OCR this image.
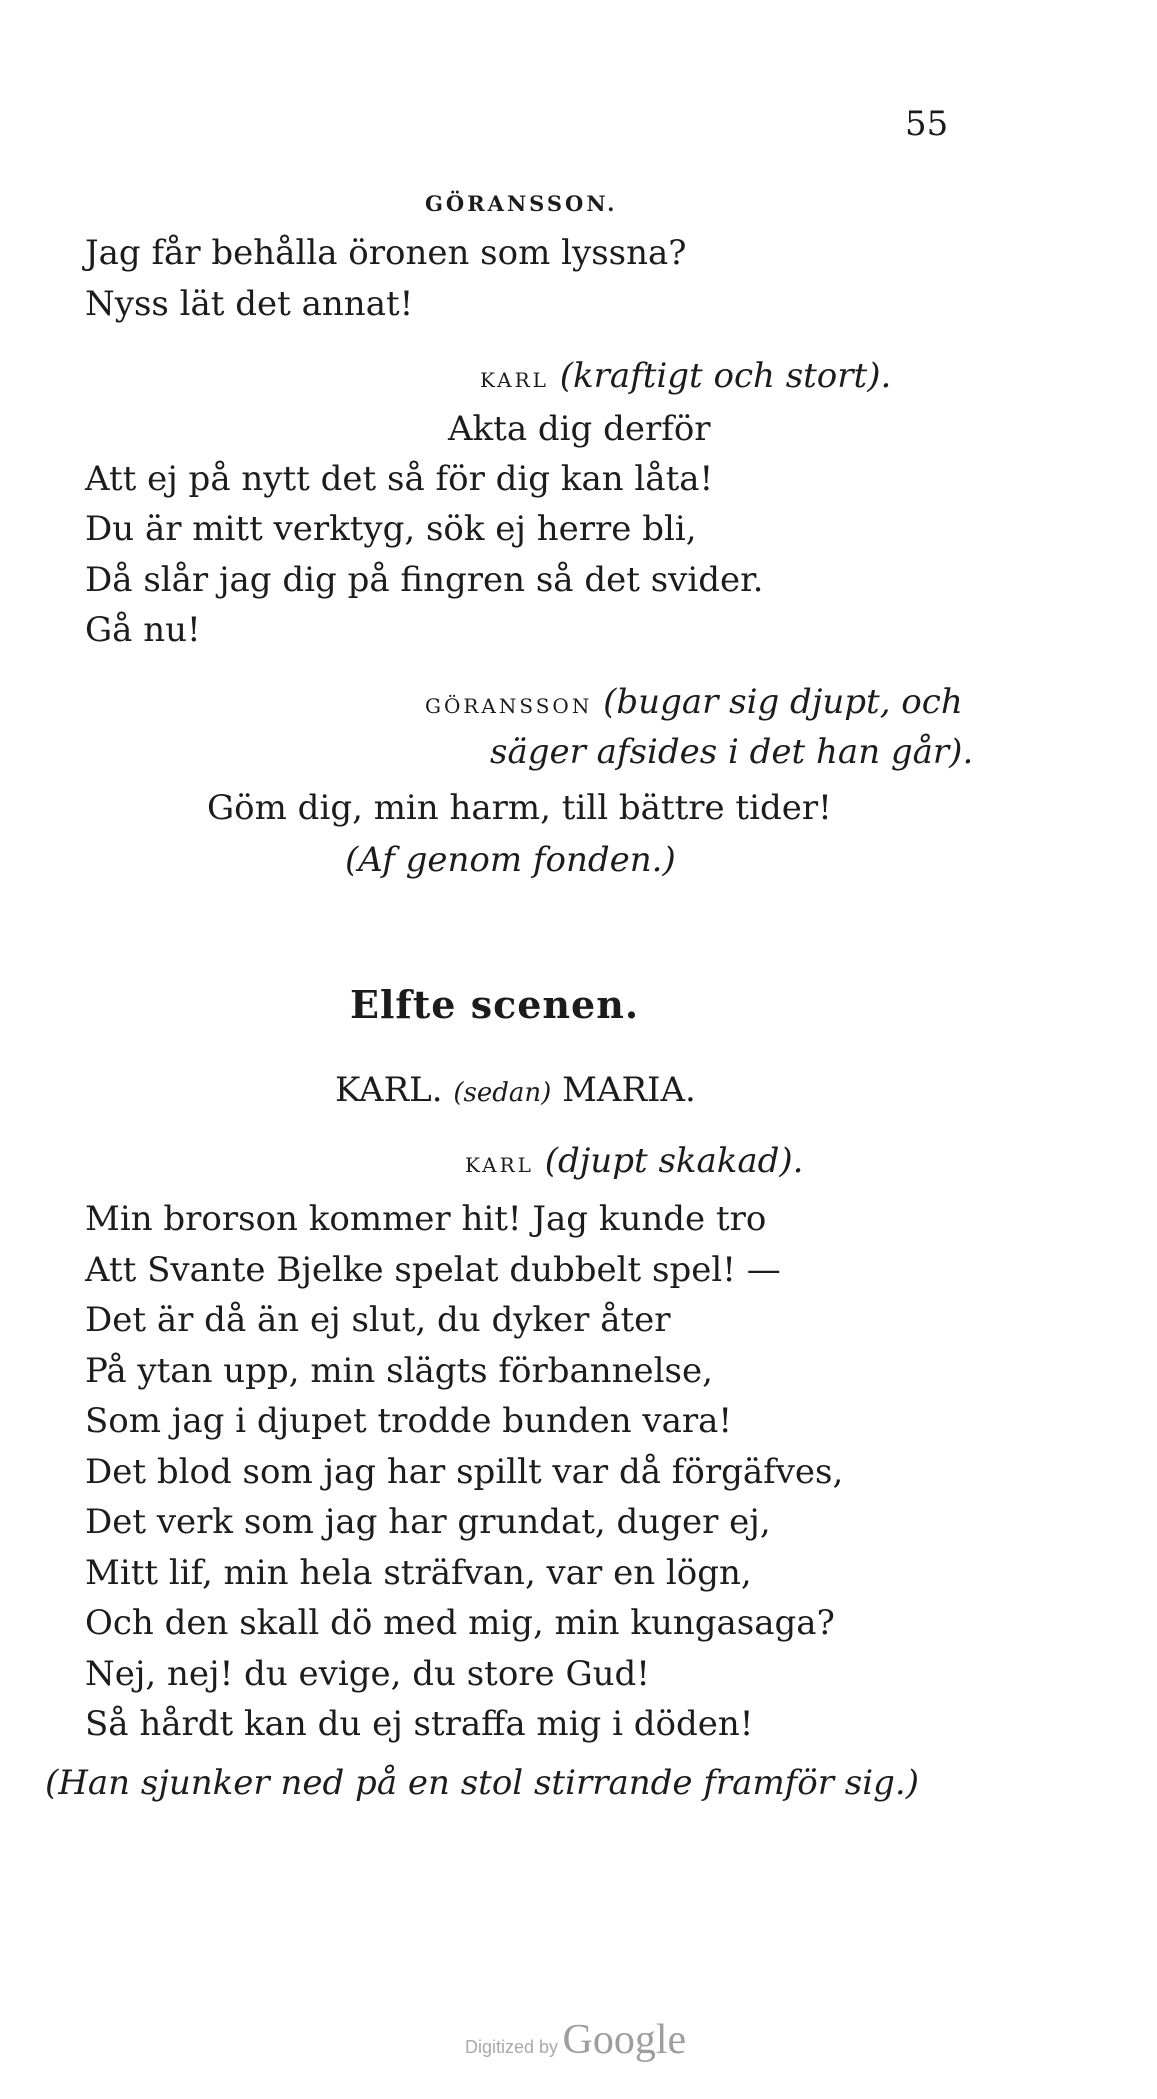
55
GÖRANSSON.
Jag får behålla öronen som lyssna?
Nyss lät det annat!
KARL (kraftigt och stort).
Akta dig derför
Att ej på nytt det så för dig kan låta!
Du är mitt verktyg, sök ej herre bli,
Då slår jag dig på fingren så det svider.
Gå nu!
GÖRANSSON (bugar sig djupt, och
säger afsides i det han går).
Göm dig, min harm, till bättre tider!
(Af genom fonden.)
Elfte scenen.
KARL. (sedan) MARIA.
KARL (djupt skakad).
Min brorson kommer hit! Jag kunde tro
Att Svante Bjelke spelat dubbelt spel! —
Det är då än ej slut, du dyker åter
På ytan upp, min slägts förbannelse,
Som jag i djupet trodde bunden vara!
Det blod som jag har spillt var då förgäfves,
Det verk som jag har grundat, duger ej,
Mitt lif, min hela sträfvan, var en lögn,
Och den skall dö med mig, min kungasaga?
Nej, nej! du evige, du store Gud!
Så hårdt kan du ej straffa mig i döden!
(Han sjunker ned på en stol stirrande framför sig.)
Digitized by Google
